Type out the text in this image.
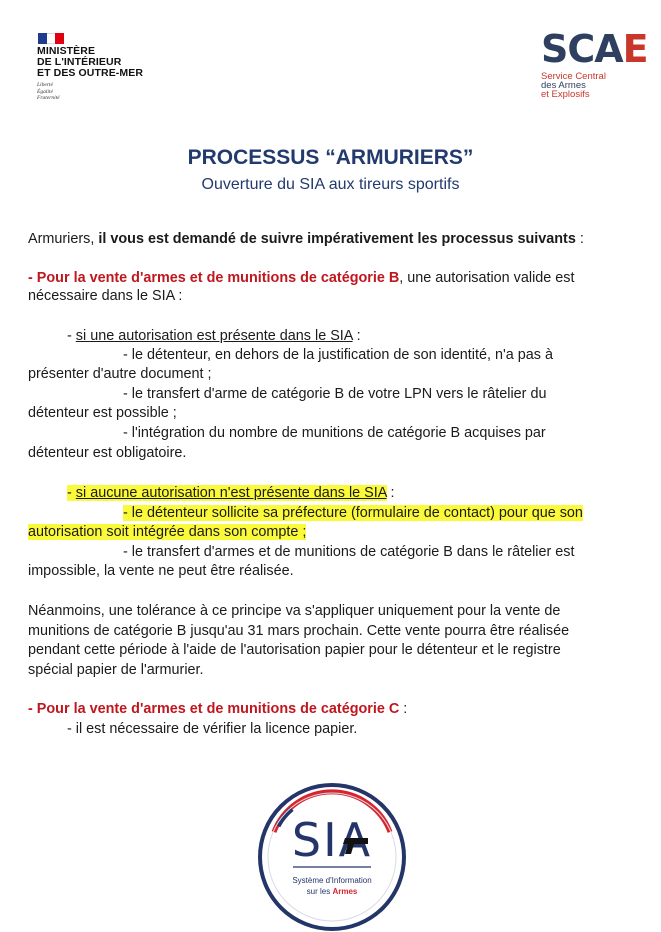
MINISTÈRE
DE L'INTÉRIEUR
ET DES OUTRE-MER
Liberté
Égalité
Fraternité
SCAE
Service Central
des Armes
et Explosifs
PROCESSUS “ARMURIERS”
Ouverture du SIA aux tireurs sportifs
Armuriers, il vous est demandé de suivre impérativement les processus suivants :
- Pour la vente d'armes et de munitions de catégorie B, une autorisation valide est
nécessaire dans le SIA :
- si une autorisation est présente dans le SIA :
- le détenteur, en dehors de la justification de son identité, n'a pas à
présenter d'autre document ;
- le transfert d'arme de catégorie B de votre LPN vers le râtelier du
détenteur est possible ;
- l'intégration du nombre de munitions de catégorie B acquises par
détenteur est obligatoire.
- si aucune autorisation n'est présente dans le SIA :
- le détenteur sollicite sa préfecture (formulaire de contact) pour que son
autorisation soit intégrée dans son compte ;
- le transfert d'armes et de munitions de catégorie B dans le râtelier est
impossible, la vente ne peut être réalisée.
Néanmoins, une tolérance à ce principe va s'appliquer uniquement pour la vente de
munitions de catégorie B jusqu'au 31 mars prochain. Cette vente pourra être réalisée
pendant cette période à l'aide de l'autorisation papier pour le détenteur et le registre
spécial papier de l'armurier.
- Pour la vente d'armes et de munitions de catégorie C :
- il est nécessaire de vérifier la licence papier.
SIA
Système d'Information
sur les Armes
